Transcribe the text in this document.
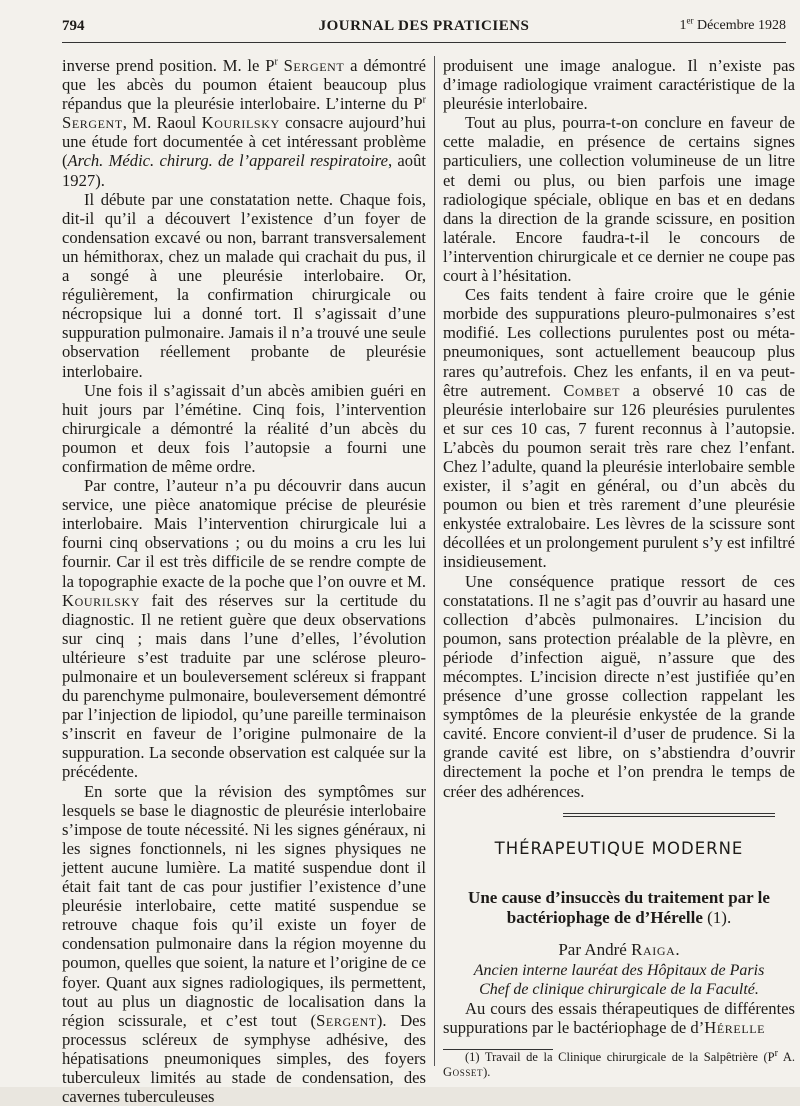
794	JOURNAL DES PRATICIENS	1er Décembre 1928

inverse prend position. M. le $P^r$ Sergent a démontré que les abcès du poumon étaient beaucoup plus répandus que la pleurésie interlobaire. L’interne du $P^r$ Sergent, M. Raoul Kourilsky consacre aujourd’hui une étude fort documentée à cet intéressant problème (Arch. Médic. chirurg. de l’appareil respiratoire, août 1927).

Il débute par une constatation nette. Chaque fois, dit-il qu’il a découvert l’existence d’un foyer de condensation excavé ou non, barrant transversalement un hémithorax, chez un malade qui crachait du pus, il a songé à une pleurésie interlobaire. Or, régulièrement, la confirmation chirurgicale ou nécropsique lui a donné tort. Il s’agissait d’une suppuration pulmonaire. Jamais il n’a trouvé une seule observation réellement probante de pleurésie interlobaire.

Une fois il s’agissait d’un abcès amibien guéri en huit jours par l’émétine. Cinq fois, l’intervention chirurgicale a démontré la réalité d’un abcès du poumon et deux fois l’autopsie a fourni une confirmation de même ordre.

Par contre, l’auteur n’a pu découvrir dans aucun service, une pièce anatomique précise de pleurésie interlobaire. Mais l’intervention chirurgicale lui a fourni cinq observations ; ou du moins a cru les lui fournir. Car il est très difficile de se rendre compte de la topographie exacte de la poche que l’on ouvre et M. Kourilsky fait des réserves sur la certitude du diagnostic. Il ne retient guère que deux observations sur cinq ; mais dans l’une d’elles, l’évolution ultérieure s’est traduite par une sclérose pleuro-pulmonaire et un bouleversement scléreux si frappant du parenchyme pulmonaire, bouleversement démontré par l’injection de lipiodol, qu’une pareille terminaison s’inscrit en faveur de l’origine pulmonaire de la suppuration. La seconde observation est calquée sur la précédente.

En sorte que la révision des symptômes sur lesquels se base le diagnostic de pleurésie interlobaire s’impose de toute nécessité. Ni les signes généraux, ni les signes fonctionnels, ni les signes physiques ne jettent aucune lumière. La matité suspendue dont il était fait tant de cas pour justifier l’existence d’une pleurésie interlobaire, cette matité suspendue se retrouve chaque fois qu’il existe un foyer de condensation pulmonaire dans la région moyenne du poumon, quelles que soient, la nature et l’origine de ce foyer. Quant aux signes radiologiques, ils permettent, tout au plus un diagnostic de localisation dans la région scissurale, et c’est tout (Sergent). Des processus scléreux de symphyse adhésive, des hépatisations pneumoniques simples, des foyers tuberculeux limités au stade de condensation, des cavernes tuberculeuses

produisent une image analogue. Il n’existe pas d’image radiologique vraiment caractéristique de la pleurésie interlobaire.

Tout au plus, pourra-t-on conclure en faveur de cette maladie, en présence de certains signes particuliers, une collection volumineuse de un litre et demi ou plus, ou bien parfois une image radiologique spéciale, oblique en bas et en dedans dans la direction de la grande scissure, en position latérale. Encore faudra-t-il le concours de l’intervention chirurgicale et ce dernier ne coupe pas court à l’hésitation.

Ces faits tendent à faire croire que le génie morbide des suppurations pleuro-pulmonaires s’est modifié. Les collections purulentes post ou méta-pneumoniques, sont actuellement beaucoup plus rares qu’autrefois. Chez les enfants, il en va peut-être autrement. Combet a observé 10 cas de pleurésie interlobaire sur 126 pleurésies purulentes et sur ces 10 cas, 7 furent reconnus à l’autopsie. L’abcès du poumon serait très rare chez l’enfant. Chez l’adulte, quand la pleurésie interlobaire semble exister, il s’agit en général, ou d’un abcès du poumon ou bien et très rarement d’une pleurésie enkystée extralobaire. Les lèvres de la scissure sont décollées et un prolongement purulent s’y est infiltré insidieusement.

Une conséquence pratique ressort de ces constatations. Il ne s’agit pas d’ouvrir au hasard une collection d’abcès pulmonaires. L’incision du poumon, sans protection préalable de la plèvre, en période d’infection aiguë, n’assure que des mécomptes. L’incision directe n’est justifiée qu’en présence d’une grosse collection rappelant les symptômes de la pleurésie enkystée de la grande cavité. Encore convient-il d’user de prudence. Si la grande cavité est libre, on s’abstiendra d’ouvrir directement la poche et l’on prendra le temps de créer des adhérences.

THÉRAPEUTIQUE MODERNE
Une cause d’insuccès du traitement par le bactériophage de d’Hérelle (1).
Par André Raiga.
Ancien interne lauréat des Hôpitaux de Paris
Chef de clinique chirurgicale de la Faculté.

Au cours des essais thérapeutiques de différentes suppurations par le bactériophage de d’Hérelle

(1) Travail de la Clinique chirurgicale de la Salpêtrière ($P^r$ A. Gosset).
